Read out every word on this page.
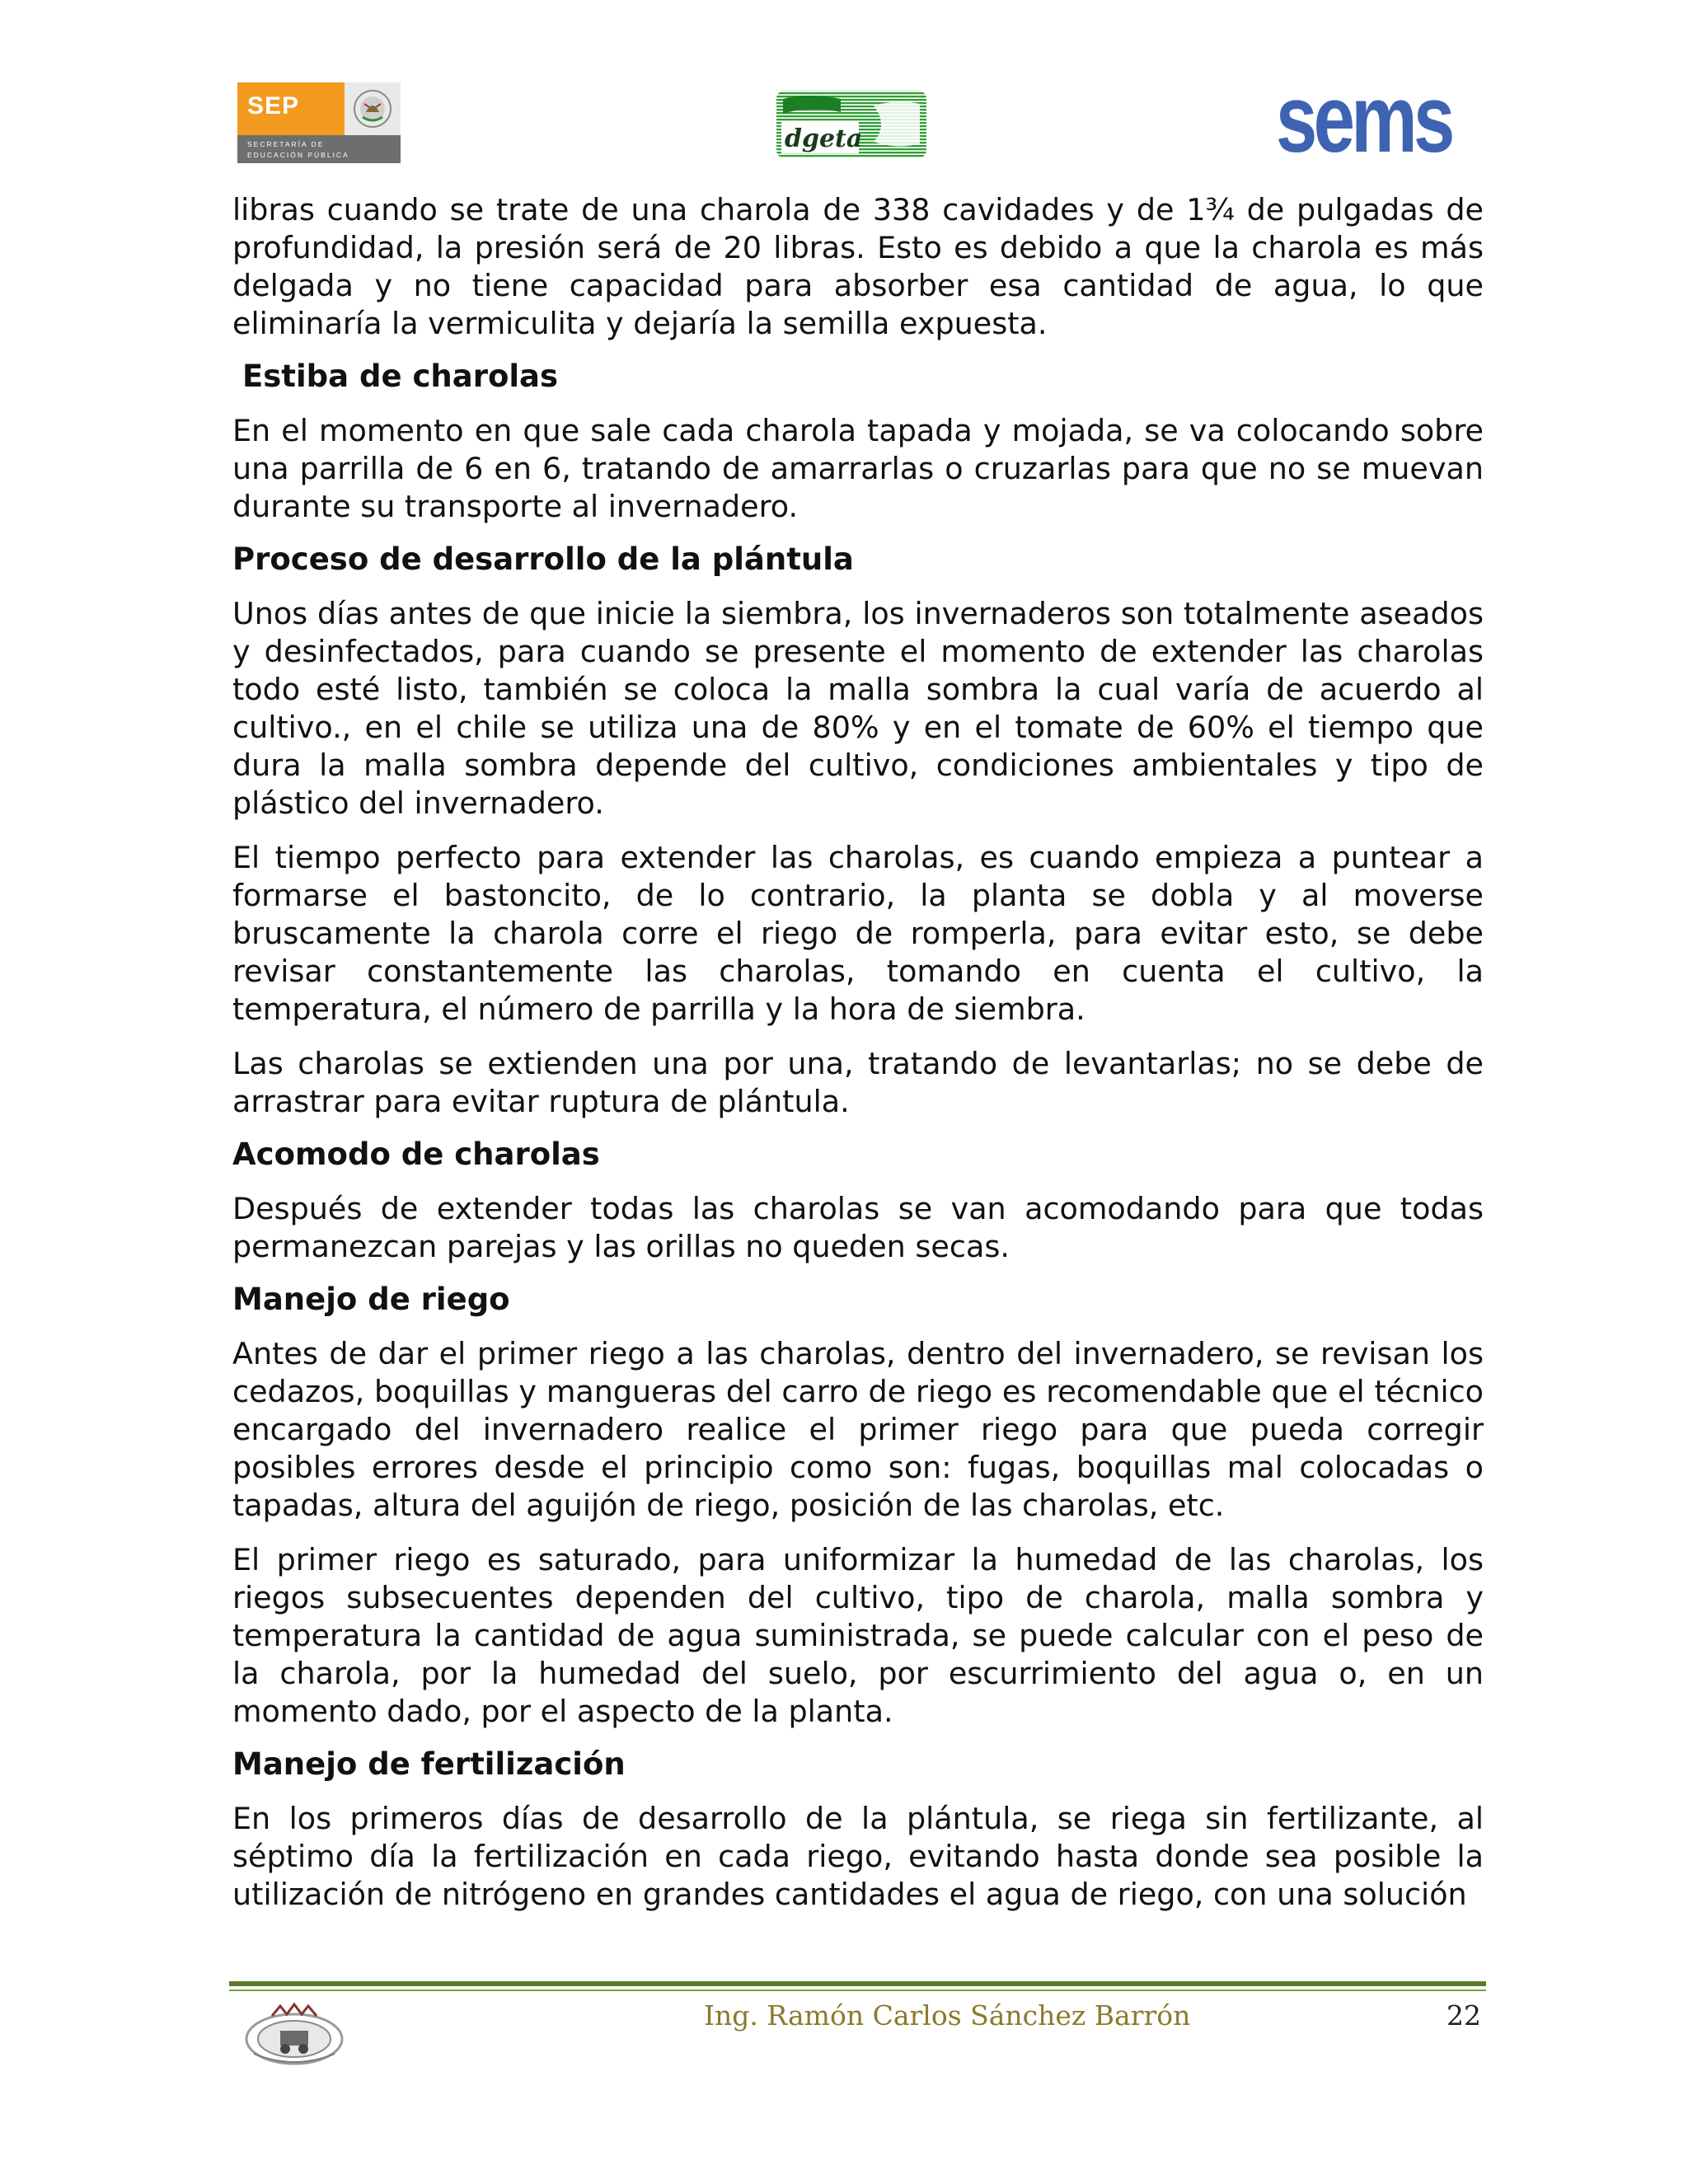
SEP
SECRETARÍA DE
EDUCACIÓN PÚBLICA
dgeta	sems

libras cuando se trate de una charola de 338 cavidades y de 1¾ de pulgadas de profundidad, la presión será de 20 libras. Esto es debido a que la charola es más delgada y no tiene capacidad para absorber esa cantidad de agua, lo que eliminaría la vermiculita y dejaría la semilla expuesta.

Estiba de charolas

En el momento en que sale cada charola tapada y mojada, se va colocando sobre una parrilla de 6 en 6, tratando de amarrarlas o cruzarlas para que no se muevan durante su transporte al invernadero.

Proceso de desarrollo de la plántula

Unos días antes de que inicie la siembra, los invernaderos son totalmente aseados y desinfectados, para cuando se presente el momento de extender las charolas todo esté listo, también se coloca la malla sombra la cual varía de acuerdo al cultivo., en el chile se utiliza una de 80% y en el tomate de 60% el tiempo que dura la malla sombra depende del cultivo, condiciones ambientales y tipo de plástico del invernadero.

El tiempo perfecto para extender las charolas, es cuando empieza a puntear a formarse el bastoncito, de lo contrario, la planta se dobla y al moverse bruscamente la charola corre el riego de romperla, para evitar esto, se debe revisar constantemente las charolas, tomando en cuenta el cultivo, la temperatura, el número de parrilla y la hora de siembra.

Las charolas se extienden una por una, tratando de levantarlas; no se debe de arrastrar para evitar ruptura de plántula.

Acomodo de charolas

Después de extender todas las charolas se van acomodando para que todas permanezcan parejas y las orillas no queden secas.

Manejo de riego

Antes de dar el primer riego a las charolas, dentro del invernadero, se revisan los cedazos, boquillas y mangueras del carro de riego es recomendable que el técnico encargado del invernadero realice el primer riego para que pueda corregir posibles errores desde el principio como son: fugas, boquillas mal colocadas o tapadas, altura del aguijón de riego, posición de las charolas, etc.

El primer riego es saturado, para uniformizar la humedad de las charolas, los riegos subsecuentes dependen del cultivo, tipo de charola, malla sombra y temperatura la cantidad de agua suministrada, se puede calcular con el peso de la charola, por la humedad del suelo, por escurrimiento del agua o, en un momento dado, por el aspecto de la planta.

Manejo de fertilización

En los primeros días de desarrollo de la plántula, se riega sin fertilizante, al séptimo día la fertilización en cada riego, evitando hasta donde sea posible la utilización de nitrógeno en grandes cantidades el agua de riego, con una solución

Ing. Ramón Carlos Sánchez Barrón	22
